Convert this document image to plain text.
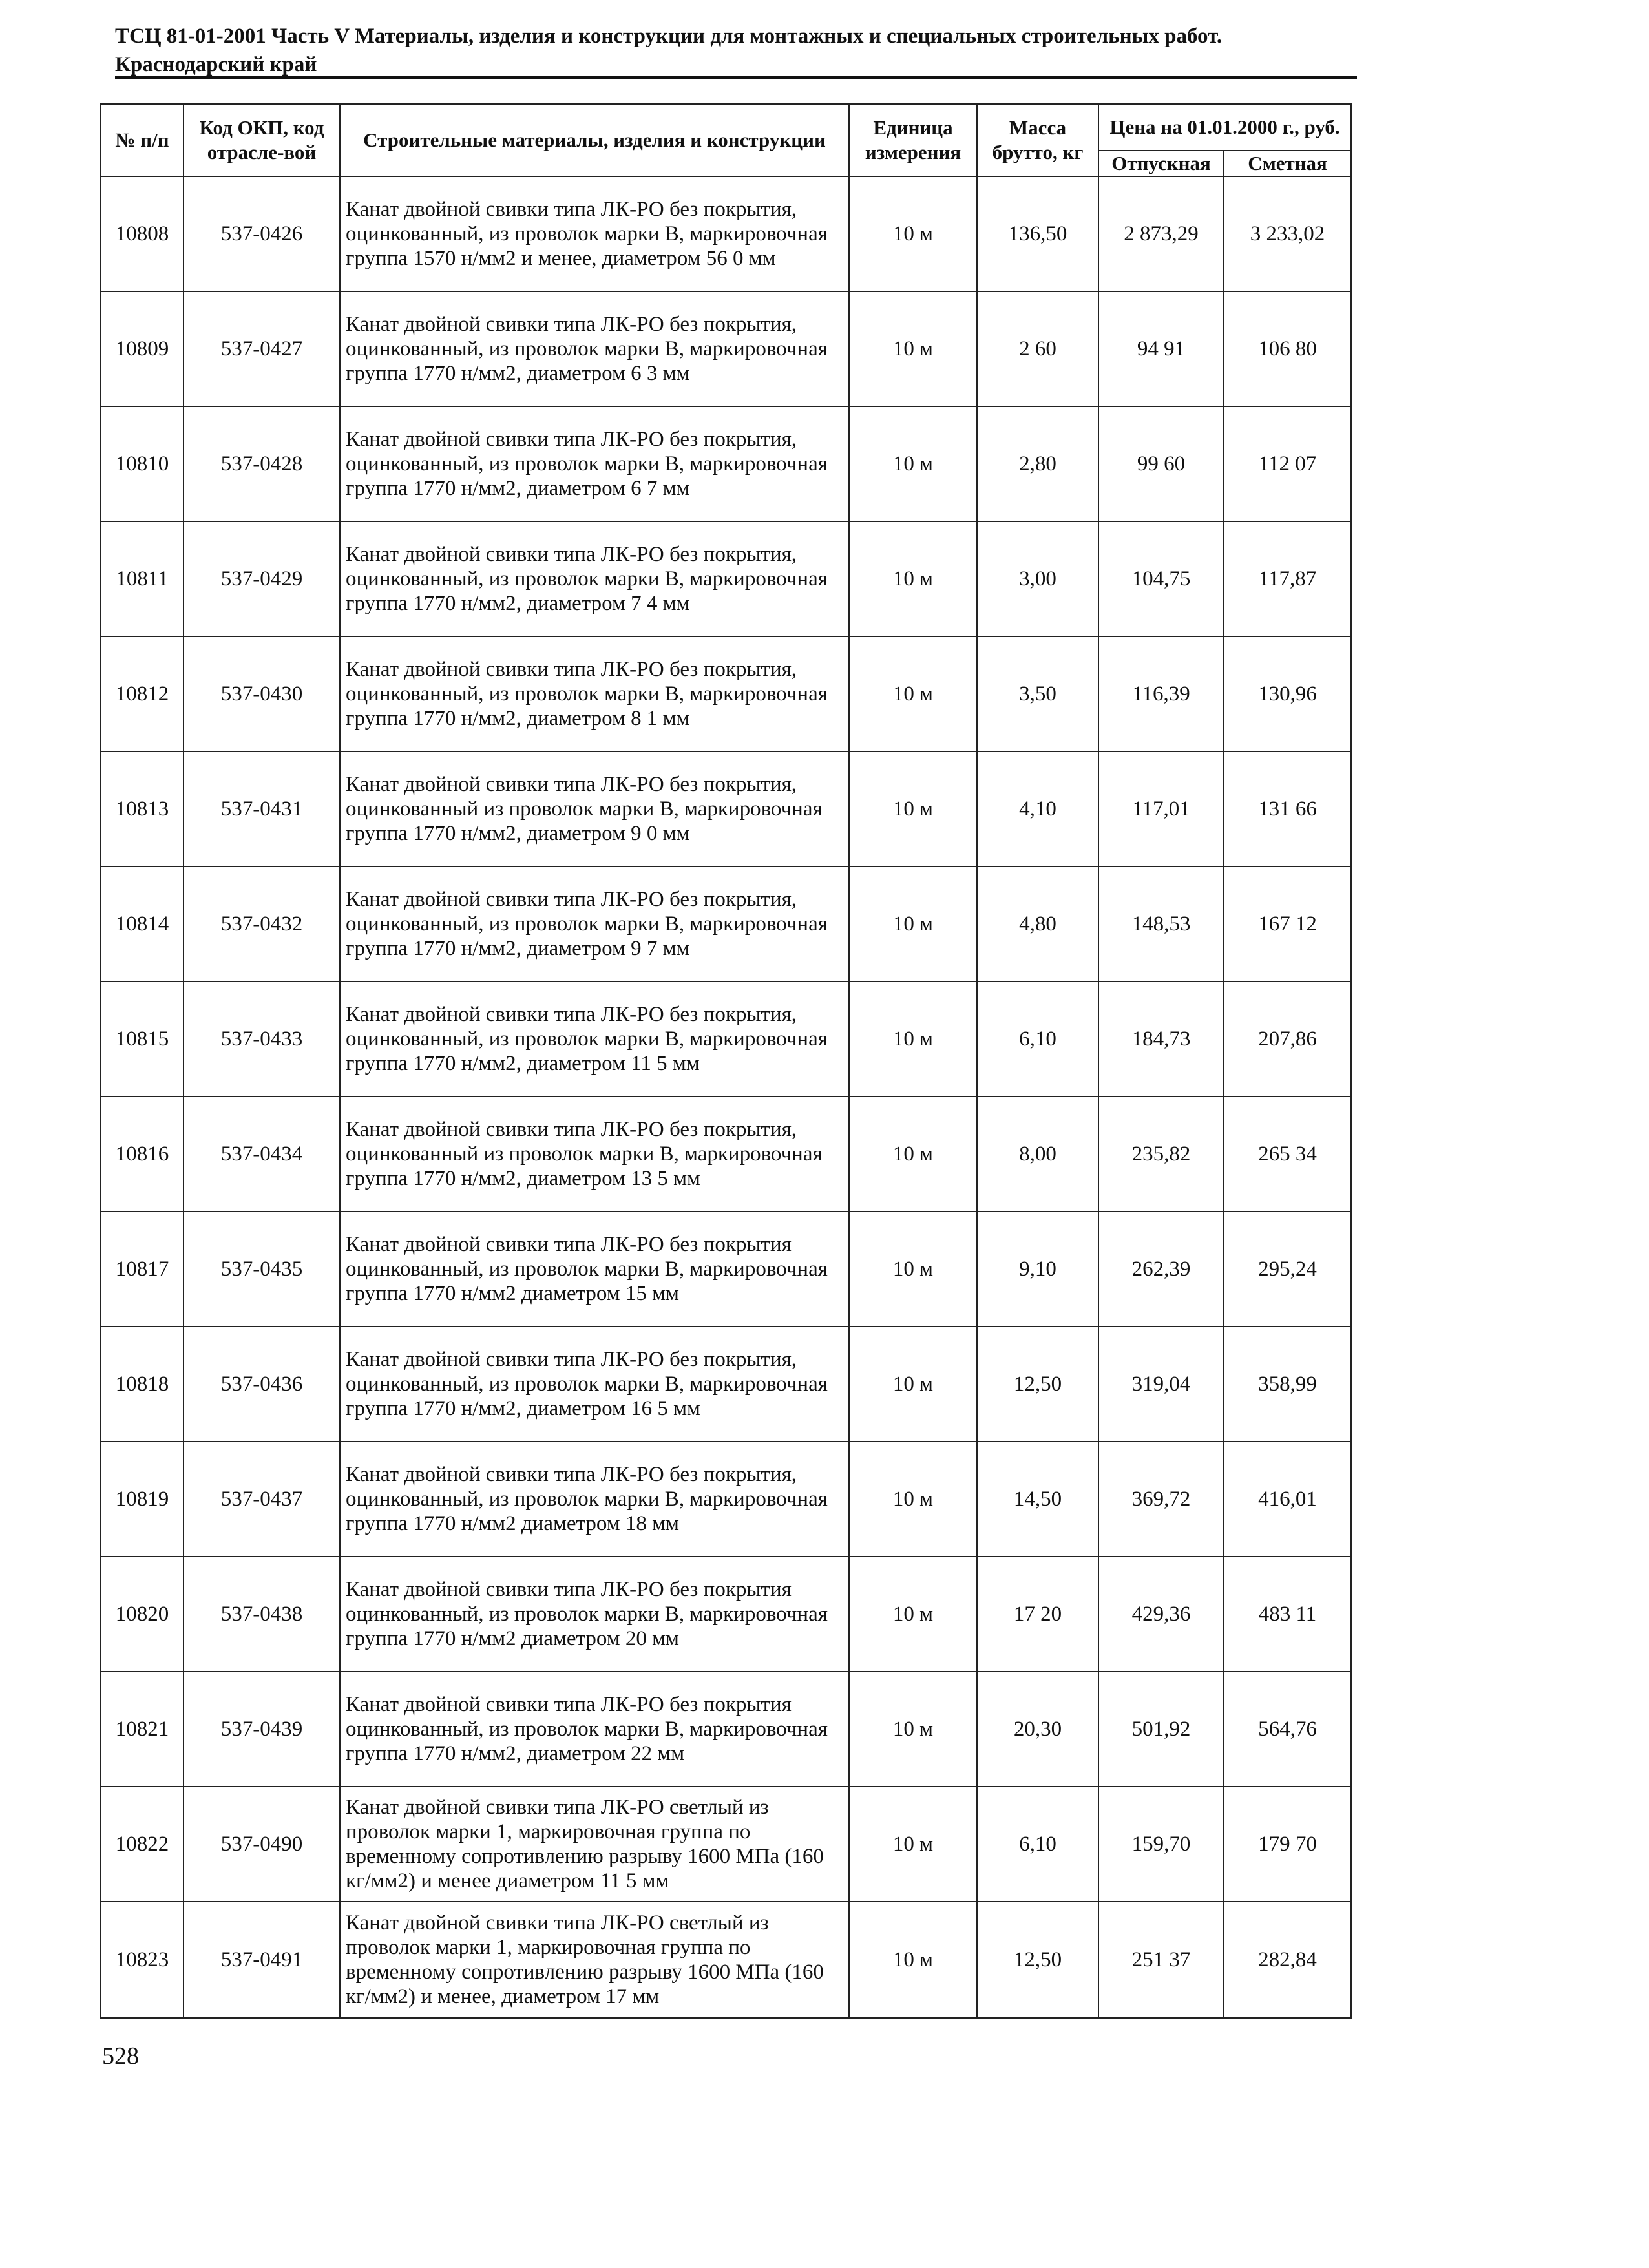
ТСЦ 81-01-2001 Часть V Материалы, изделия и конструкции для монтажных и специальных строительных работ.
Краснодарский край
№ п/п	Код ОКП, код отрасле-вой	Строительные материалы, изделия и конструкции	Единица измерения	Масса брутто, кг	Цена на 01.01.2000 г., руб.	
					Отпускная	Сметная
10808	537-0426	Канат двойной свивки типа ЛК-РО без покрытия, оцинкованный, из проволок марки В, маркировочная группа 1570 н/мм2 и менее, диаметром 56 0 мм	10 м	136,50	2 873,29	3 233,02
10809	537-0427	Канат двойной свивки типа ЛК-РО без покрытия, оцинкованный, из проволок марки В, маркировочная группа 1770 н/мм2, диаметром 6 3 мм	10 м	2 60	94 91	106 80
10810	537-0428	Канат двойной свивки типа ЛК-РО без покрытия, оцинкованный, из проволок марки В, маркировочная группа 1770 н/мм2, диаметром 6 7 мм	10 м	2,80	99 60	112 07
10811	537-0429	Канат двойной свивки типа ЛК-РО без покрытия, оцинкованный, из проволок марки В, маркировочная группа 1770 н/мм2, диаметром 7 4 мм	10 м	3,00	104,75	117,87
10812	537-0430	Канат двойной свивки типа ЛК-РО без покрытия, оцинкованный, из проволок марки В, маркировочная группа 1770 н/мм2, диаметром 8 1 мм	10 м	3,50	116,39	130,96
10813	537-0431	Канат двойной свивки типа ЛК-РО без покрытия, оцинкованный из проволок марки В, маркировочная группа 1770 н/мм2, диаметром 9 0 мм	10 м	4,10	117,01	131 66
10814	537-0432	Канат двойной свивки типа ЛК-РО без покрытия, оцинкованный, из проволок марки В, маркировочная группа 1770 н/мм2, диаметром 9 7 мм	10 м	4,80	148,53	167 12
10815	537-0433	Канат двойной свивки типа ЛК-РО без покрытия, оцинкованный, из проволок марки В, маркировочная группа 1770 н/мм2, диаметром 11 5 мм	10 м	6,10	184,73	207,86
10816	537-0434	Канат двойной свивки типа ЛК-РО без покрытия, оцинкованный из проволок марки В, маркировочная группа 1770 н/мм2, диаметром 13 5 мм	10 м	8,00	235,82	265 34
10817	537-0435	Канат двойной свивки типа ЛК-РО без покрытия оцинкованный, из проволок марки В, маркировочная группа 1770 н/мм2 диаметром 15 мм	10 м	9,10	262,39	295,24
10818	537-0436	Канат двойной свивки типа ЛК-РО без покрытия, оцинкованный, из проволок марки В, маркировочная группа 1770 н/мм2, диаметром 16 5 мм	10 м	12,50	319,04	358,99
10819	537-0437	Канат двойной свивки типа ЛК-РО без покрытия, оцинкованный, из проволок марки В, маркировочная группа 1770 н/мм2 диаметром 18 мм	10 м	14,50	369,72	416,01
10820	537-0438	Канат двойной свивки типа ЛК-РО без покрытия оцинкованный, из проволок марки В, маркировочная группа 1770 н/мм2 диаметром 20 мм	10 м	17 20	429,36	483 11
10821	537-0439	Канат двойной свивки типа ЛК-РО без покрытия оцинкованный, из проволок марки В, маркировочная группа 1770 н/мм2, диаметром 22 мм	10 м	20,30	501,92	564,76
10822	537-0490	Канат двойной свивки типа ЛК-РО светлый из проволок марки 1, маркировочная группа по временному сопротивлению разрыву 1600 МПа (160 кг/мм2) и менее диаметром 11 5 мм	10 м	6,10	159,70	179 70
10823	537-0491	Канат двойной свивки типа ЛК-РО светлый из проволок марки 1, маркировочная группа по временному сопротивлению разрыву 1600 МПа (160 кг/мм2) и менее, диаметром 17 мм	10 м	12,50	251 37	282,84
528
